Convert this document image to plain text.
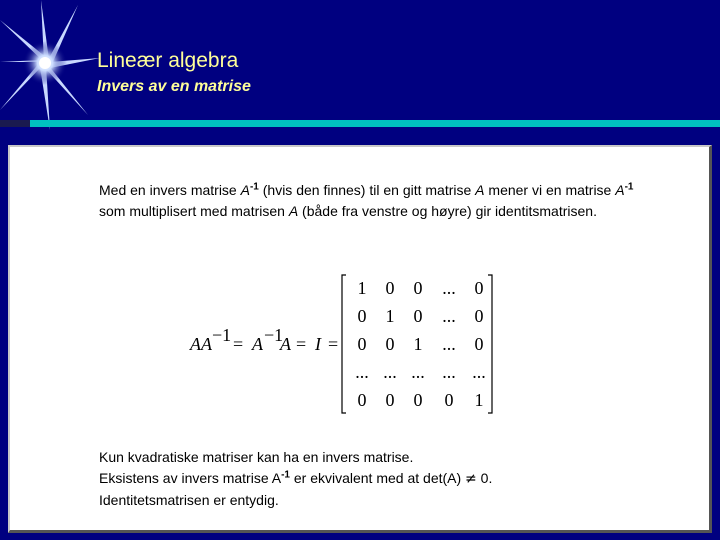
Lineær algebra
Invers av en matrise

Med en invers matrise $A^{-1}$ (hvis den finnes) til en gitt matrise A mener vi en matrise $A^{-1}$ som multiplisert med matrisen A (både fra venstre og høyre) gir identitsmatrisen.

AA −1 = A −1
A = I =
1 0 0 ... 0
0 1 0 ... 0
0 0 1 ... 0
... ... ... ... ...
0 0 0 0 1

Kun kvadratiske matriser kan ha en invers matrise.
Eksistens av invers matrise $A^{-1}$ er ekvivalent med at det(A) ≠ 0.
Identitetsmatrisen er entydig.
